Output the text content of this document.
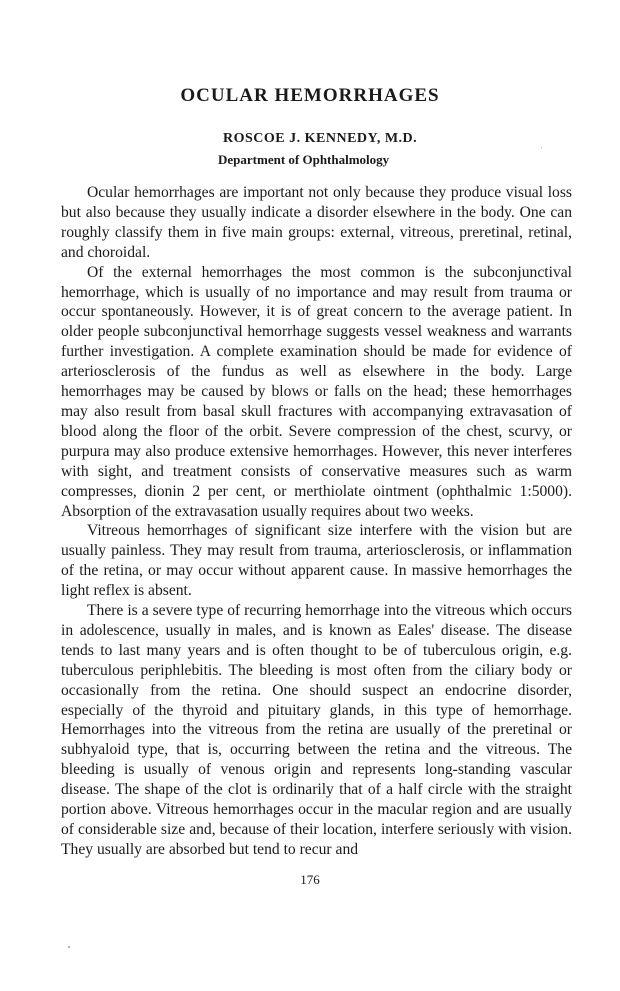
OCULAR HEMORRHAGES

ROSCOE J. KENNEDY, M.D.

Department of Ophthalmology

Ocular hemorrhages are important not only because they produce visual loss but also because they usually indicate a disorder elsewhere in the body. One can roughly classify them in five main groups: external, vitreous, preretinal, retinal, and choroidal.

Of the external hemorrhages the most common is the subconjunctival hemorrhage, which is usually of no importance and may result from trauma or occur spontaneously. However, it is of great concern to the average patient. In older people subconjunctival hemorrhage suggests vessel weakness and warrants further investigation. A complete examination should be made for evidence of arteriosclerosis of the fundus as well as elsewhere in the body. Large hemorrhages may be caused by blows or falls on the head; these hemorrhages may also result from basal skull fractures with accompanying extravasation of blood along the floor of the orbit. Severe compression of the chest, scurvy, or purpura may also produce extensive hemorrhages. However, this never interferes with sight, and treatment consists of conservative measures such as warm compresses, dionin 2 per cent, or merthiolate ointment (ophthalmic 1:5000). Absorption of the extravasation usually requires about two weeks.

Vitreous hemorrhages of significant size interfere with the vision but are usually painless. They may result from trauma, arteriosclerosis, or inflammation of the retina, or may occur without apparent cause. In massive hemorrhages the light reflex is absent.

There is a severe type of recurring hemorrhage into the vitreous which occurs in adolescence, usually in males, and is known as Eales' disease. The disease tends to last many years and is often thought to be of tuberculous origin, e.g. tuberculous periphlebitis. The bleeding is most often from the ciliary body or occasionally from the retina. One should suspect an endocrine disorder, especially of the thyroid and pituitary glands, in this type of hemorrhage. Hemorrhages into the vitreous from the retina are usually of the preretinal or subhyaloid type, that is, occurring between the retina and the vitreous. The bleeding is usually of venous origin and represents long-standing vascular disease. The shape of the clot is ordinarily that of a half circle with the straight portion above. Vitreous hemorrhages occur in the macular region and are usually of considerable size and, because of their location, interfere seriously with vision. They usually are absorbed but tend to recur and

176
